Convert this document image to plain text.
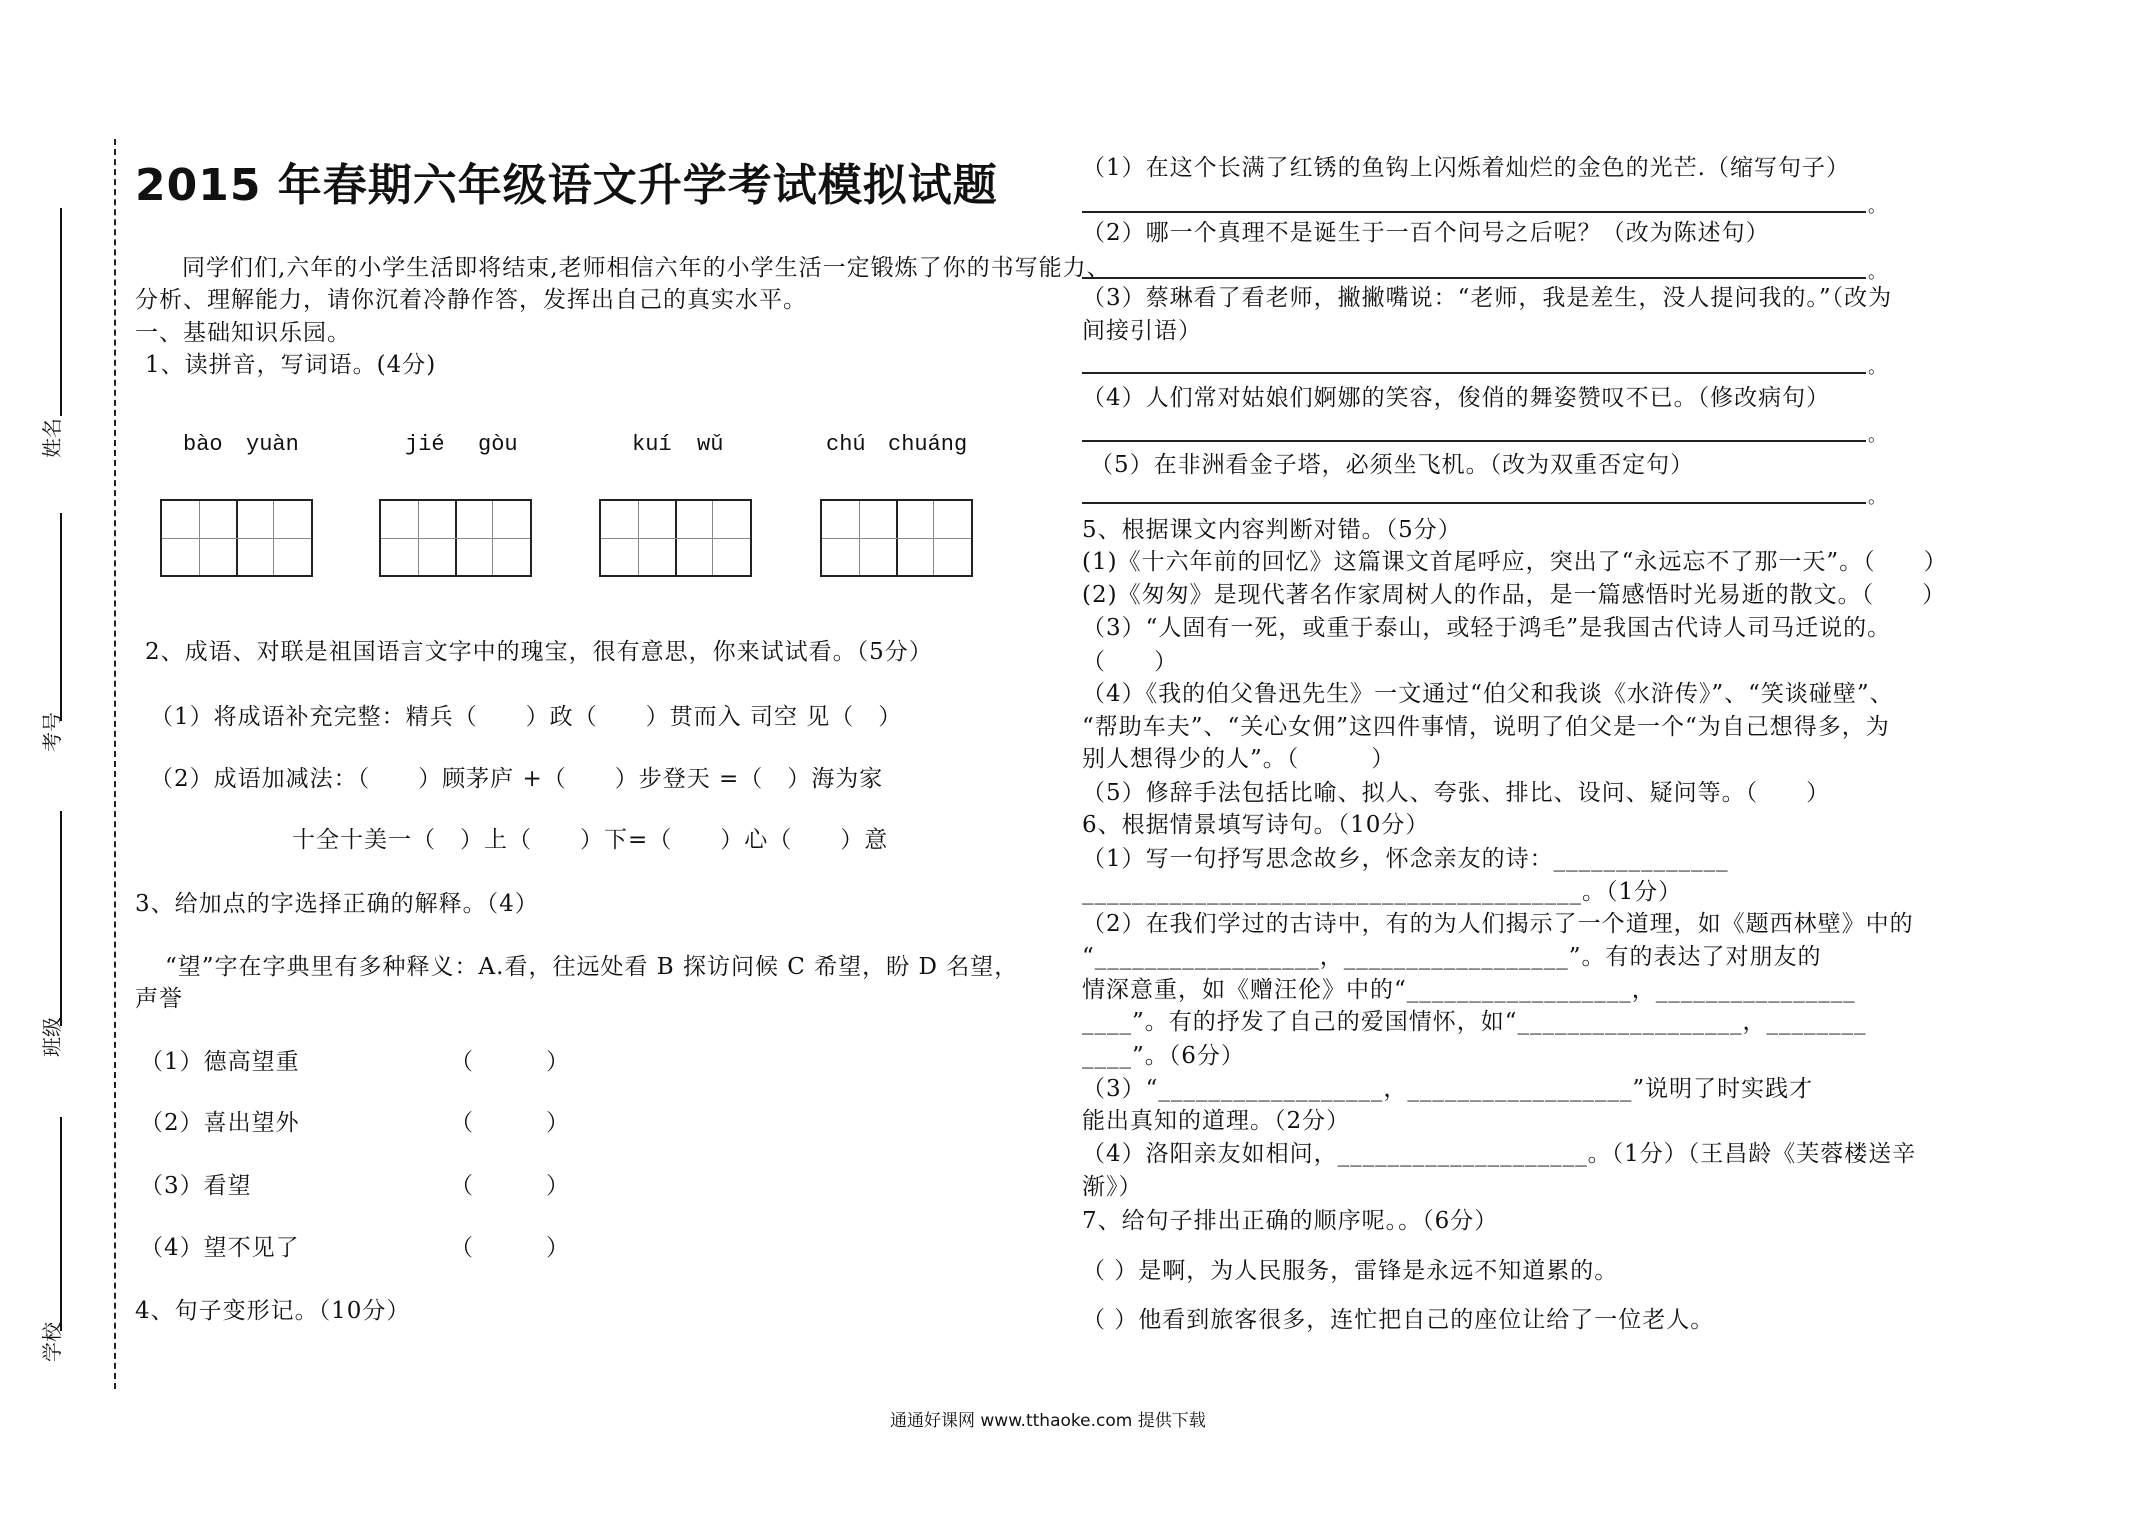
姓名
考号
班级
学校
2015 年春期六年级语文升学考试模拟试题
同学们们,六年的小学生活即将结束,老师相信六年的小学生活一定锻炼了你的书写能力、
分析、理解能力，请你沉着冷静作答，发挥出自己的真实水平。
一、基础知识乐园。
1、读拼音，写词语。(4分)
bào yuàn	jié gòu	kuí wǔ	chú chuáng
2、成语、对联是祖国语言文字中的瑰宝，很有意思，你来试试看。（5分）
（1）将成语补充完整：精兵（　　）政（　　）贯而入 司空 见（　）
（2）成语加减法：（　　）顾茅庐 +（　　）步登天 =（　）海为家
十全十美一（　）上（　　）下=（　　）心（　　）意
3、给加点的字选择正确的解释。（4）
“望”字在字典里有多种释义：A.看，往远处看 B 探访问候 C 希望，盼 D 名望，
声誉
（1）德高望重	（　　　）
（2）喜出望外	（　　　）
（3）看望	（　　　）
（4）望不见了	（　　　）
4、句子变形记。（10分）
（1）在这个长满了红锈的鱼钩上闪烁着灿烂的金色的光芒.（缩写句子）
。
（2）哪一个真理不是诞生于一百个问号之后呢？（改为陈述句）
。
（3）蔡琳看了看老师，撇撇嘴说：“老师，我是差生，没人提问我的。”（改为
间接引语）
。
（4）人们常对姑娘们婀娜的笑容，俊俏的舞姿赞叹不已。（修改病句）
。
（5）在非洲看金子塔，必须坐飞机。（改为双重否定句）
。
5、根据课文内容判断对错。（5分）
(1)《十六年前的回忆》这篇课文首尾呼应，突出了“永远忘不了那一天”。（　　）
(2)《匆匆》是现代著名作家周树人的作品，是一篇感悟时光易逝的散文。（　　）
（3）“人固有一死，或重于泰山，或轻于鸿毛”是我国古代诗人司马迁说的。
（　　）
（4）《我的伯父鲁迅先生》一文通过“伯父和我谈《水浒传》”、“笑谈碰壁”、
“帮助车夫”、“关心女佣”这四件事情，说明了伯父是一个“为自己想得多，为
别人想得少的人”。（　　　）
（5）修辞手法包括比喻、拟人、夸张、排比、设问、疑问等。（　　）
6、根据情景填写诗句。（10分）
（1）写一句抒写思念故乡，怀念亲友的诗：______________
________________________________________。（1分）
（2）在我们学过的古诗中，有的为人们揭示了一个道理，如《题西林壁》中的
“__________________，__________________”。有的表达了对朋友的
情深意重，如《赠汪伦》中的“__________________，________________
____”。有的抒发了自己的爱国情怀，如“__________________，________
____”。（6分）
（3）“__________________，__________________”说明了时实践才
能出真知的道理。（2分）
（4）洛阳亲友如相问，____________________。（1分）（王昌龄《芙蓉楼送辛
渐》）
7、给句子排出正确的顺序呢。。（6分）
（ ）是啊，为人民服务，雷锋是永远不知道累的。
（ ）他看到旅客很多，连忙把自己的座位让给了一位老人。
通通好课网 www.tthaoke.com 提供下载
